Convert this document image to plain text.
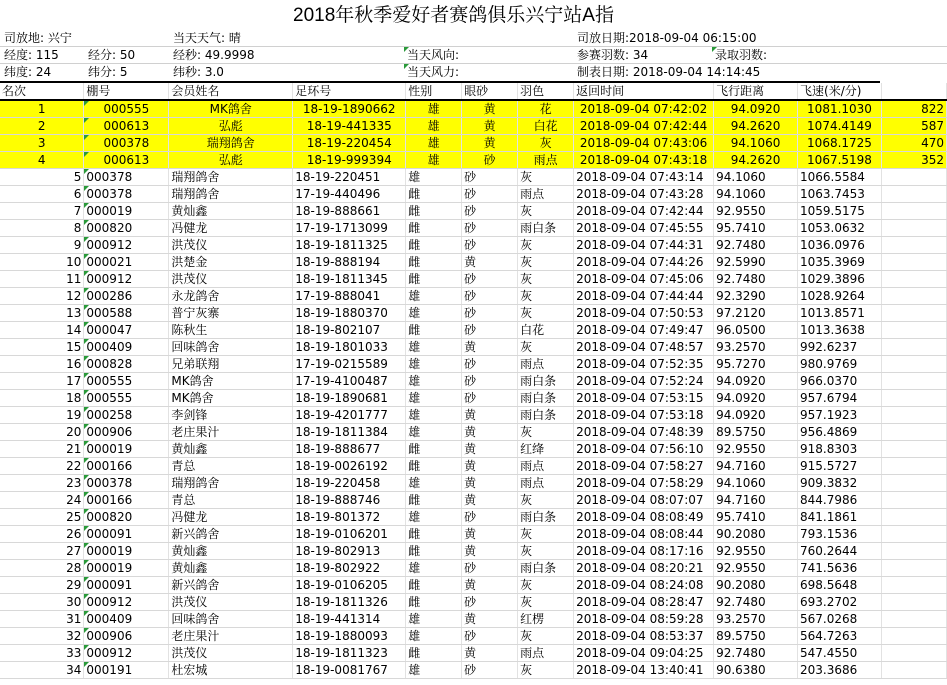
2018年秋季爱好者赛鸽俱乐兴宁站A指
司放地: 兴宁	当天天气: 晴	司放日期:2018-09-04 06:15:00
经度: 115 经分: 50	经秒: 49.9998	当天风向:	参赛羽数: 34	录取羽数:
纬度: 24	纬分: 5	纬秒: 3.0	当天风力:	制表日期: 2018-09-04 14:14:45
名次	棚号	会员姓名	足环号	性别	眼砂	羽色	返回时间	飞行距离	飞速(米/分)	
1	000555	MK鸽舍	18-19-1890662	雄	黄	花	2018-09-04 07:42:02	94.0920	1081.1030	822
2	000613	弘彪	18-19-441335	雄	黄	白花	2018-09-04 07:42:44	94.2620	1074.4149	587
3	000378	瑞翔鸽舍	18-19-220454	雄	黄	灰	2018-09-04 07:43:06	94.1060	1068.1725	470
4	000613	弘彪	18-19-999394	雄	砂	雨点	2018-09-04 07:43:18	94.2620	1067.5198	352
5	000378	瑞翔鸽舍	18-19-220451	雄	砂	灰	2018-09-04 07:43:14	94.1060	1066.5584	
6	000378	瑞翔鸽舍	17-19-440496	雌	砂	雨点	2018-09-04 07:43:28	94.1060	1063.7453	
7	000019	黄灿鑫	18-19-888661	雌	砂	灰	2018-09-04 07:42:44	92.9550	1059.5175	
8	000820	冯健龙	17-19-1713099	雌	砂	雨白条	2018-09-04 07:45:55	95.7410	1053.0632	
9	000912	洪茂仪	18-19-1811325	雌	砂	灰	2018-09-04 07:44:31	92.7480	1036.0976	
10	000021	洪楚金	18-19-888194	雌	黄	灰	2018-09-04 07:44:26	92.5990	1035.3969	
11	000912	洪茂仪	18-19-1811345	雌	砂	灰	2018-09-04 07:45:06	92.7480	1029.3896	
12	000286	永龙鸽舍	17-19-888041	雄	砂	灰	2018-09-04 07:44:44	92.3290	1028.9264	
13	000588	普宁灰寨	18-19-1880370	雄	砂	灰	2018-09-04 07:50:53	97.2120	1013.8571	
14	000047	陈秋生	18-19-802107	雌	砂	白花	2018-09-04 07:49:47	96.0500	1013.3638	
15	000409	回味鸽舍	18-19-1801033	雄	黄	灰	2018-09-04 07:48:57	93.2570	992.6237	
16	000828	兄弟联翔	17-19-0215589	雄	砂	雨点	2018-09-04 07:52:35	95.7270	980.9769	
17	000555	MK鸽舍	17-19-4100487	雄	砂	雨白条	2018-09-04 07:52:24	94.0920	966.0370	
18	000555	MK鸽舍	18-19-1890681	雄	砂	雨白条	2018-09-04 07:53:15	94.0920	957.6794	
19	000258	李剑锋	18-19-4201777	雄	黄	雨白条	2018-09-04 07:53:18	94.0920	957.1923	
20	000906	老庄果汁	18-19-1811384	雄	黄	灰	2018-09-04 07:48:39	89.5750	956.4869	
21	000019	黄灿鑫	18-19-888677	雌	黄	红绛	2018-09-04 07:56:10	92.9550	918.8303	
22	000166	青总	18-19-0026192	雌	黄	雨点	2018-09-04 07:58:27	94.7160	915.5727	
23	000378	瑞翔鸽舍	18-19-220458	雄	黄	雨点	2018-09-04 07:58:29	94.1060	909.3832	
24	000166	青总	18-19-888746	雌	黄	灰	2018-09-04 08:07:07	94.7160	844.7986	
25	000820	冯健龙	18-19-801372	雄	砂	雨白条	2018-09-04 08:08:49	95.7410	841.1861	
26	000091	新兴鸽舍	18-19-0106201	雌	黄	灰	2018-09-04 08:08:44	90.2080	793.1536	
27	000019	黄灿鑫	18-19-802913	雌	黄	灰	2018-09-04 08:17:16	92.9550	760.2644	
28	000019	黄灿鑫	18-19-802922	雄	砂	雨白条	2018-09-04 08:20:21	92.9550	741.5636	
29	000091	新兴鸽舍	18-19-0106205	雌	黄	灰	2018-09-04 08:24:08	90.2080	698.5648	
30	000912	洪茂仪	18-19-1811326	雌	砂	灰	2018-09-04 08:28:47	92.7480	693.2702	
31	000409	回味鸽舍	18-19-441314	雄	黄	红楞	2018-09-04 08:59:28	93.2570	567.0268	
32	000906	老庄果汁	18-19-1880093	雄	砂	灰	2018-09-04 08:53:37	89.5750	564.7263	
33	000912	洪茂仪	18-19-1811323	雌	黄	雨点	2018-09-04 09:04:25	92.7480	547.4550	
34	000191	杜宏城	18-19-0081767	雄	砂	灰	2018-09-04 13:40:41	90.6380	203.3686	
